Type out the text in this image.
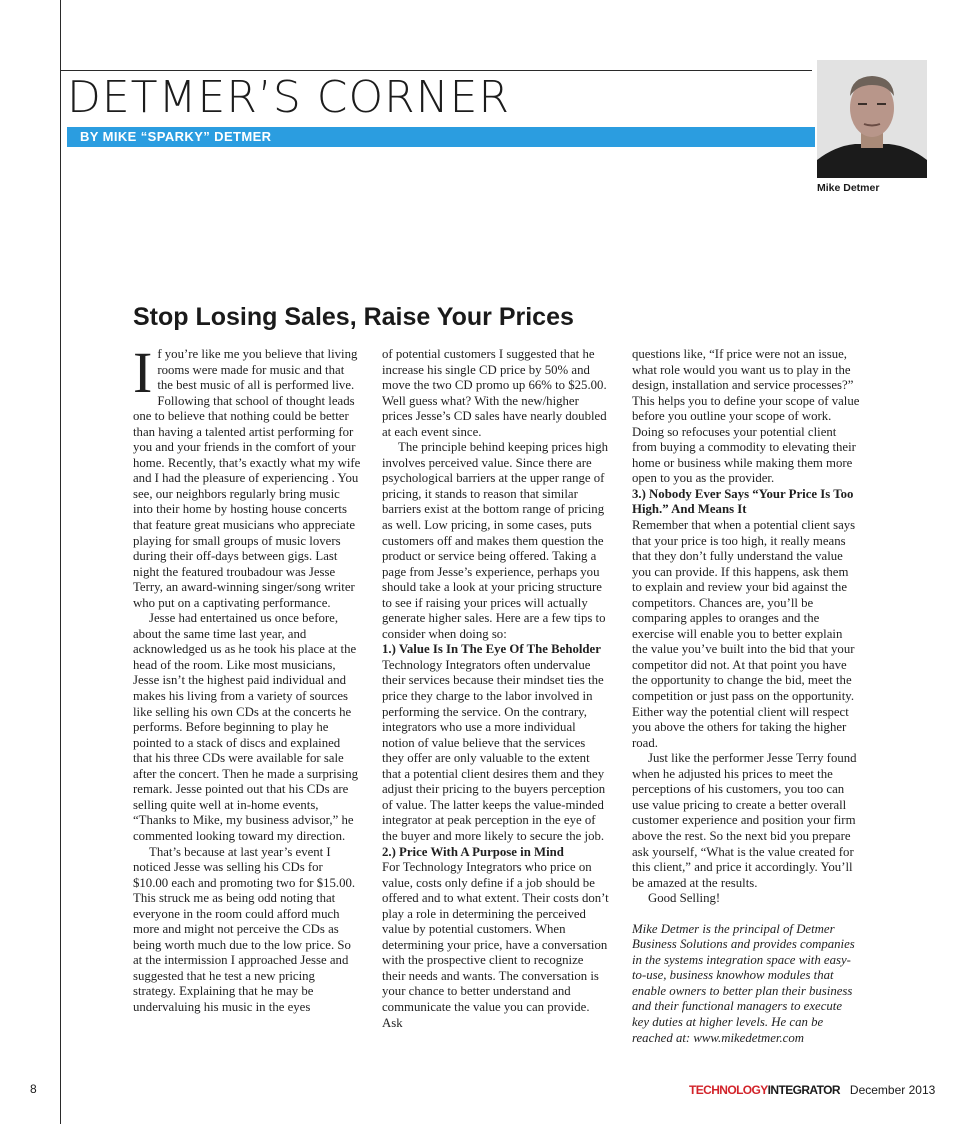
DETMER’S CORNER
BY MIKE “SPARKY” DETMER
Mike Detmer
Stop Losing Sales, Raise Your Prices

If you’re like me you believe that living rooms were made for music and that the best music of all is performed live. Following that school of thought leads one to believe that nothing could be better than having a talented artist performing for you and your friends in the comfort of your home. Recently, that’s exactly what my wife and I had the pleasure of experiencing . You see, our neighbors regularly bring music into their home by hosting house concerts that feature great musicians who appreciate playing for small groups of music lovers during their off-days between gigs. Last night the featured troubadour was Jesse Terry, an award-winning singer/song writer who put on a captivating performance.

Jesse had entertained us once before, about the same time last year, and acknowledged us as he took his place at the head of the room. Like most musicians, Jesse isn’t the highest paid individual and makes his living from a variety of sources like selling his own CDs at the concerts he performs. Before beginning to play he pointed to a stack of discs and explained that his three CDs were available for sale after the concert. Then he made a surprising remark. Jesse pointed out that his CDs are selling quite well at in-home events, “Thanks to Mike, my business advisor,” he commented looking toward my direction.

That’s because at last year’s event I noticed Jesse was selling his CDs for $10.00 each and promoting two for $15.00. This struck me as being odd noting that everyone in the room could afford much more and might not perceive the CDs as being worth much due to the low price. So at the intermission I approached Jesse and suggested that he test a new pricing strategy. Explaining that he may be undervaluing his music in the eyes

of potential customers I suggested that he increase his single CD price by 50% and move the two CD promo up 66% to $25.00. Well guess what? With the new/higher prices Jesse’s CD sales have nearly doubled at each event since.

The principle behind keeping prices high involves perceived value. Since there are psychological barriers at the upper range of pricing, it stands to reason that similar barriers exist at the bottom range of pricing as well. Low pricing, in some cases, puts customers off and makes them question the product or service being offered. Taking a page from Jesse’s experience, perhaps you should take a look at your pricing structure to see if raising your prices will actually generate higher sales. Here are a few tips to consider when doing so:

1.) Value Is In The Eye Of The Beholder

Technology Integrators often undervalue their services because their mindset ties the price they charge to the labor involved in performing the service. On the contrary, integrators who use a more individual notion of value believe that the services they offer are only valuable to the extent that a potential client desires them and they adjust their pricing to the buyers perception of value. The latter keeps the value-minded integrator at peak perception in the eye of the buyer and more likely to secure the job.

2.) Price With A Purpose in Mind

For Technology Integrators who price on value, costs only define if a job should be offered and to what extent. Their costs don’t play a role in determining the perceived value by potential customers. When determining your price, have a conversation with the prospective client to recognize their needs and wants. The conversation is your chance to better understand and communicate the value you can provide. Ask

questions like, “If price were not an issue, what role would you want us to play in the design, installation and service processes?” This helps you to define your scope of value before you outline your scope of work. Doing so refocuses your potential client from buying a commodity to elevating their home or business while making them more open to you as the provider.

3.) Nobody Ever Says “Your Price Is Too High.” And Means It

Remember that when a potential client says that your price is too high, it really means that they don’t fully understand the value you can provide. If this happens, ask them to explain and review your bid against the competitors. Chances are, you’ll be comparing apples to oranges and the exercise will enable you to better explain the value you’ve built into the bid that your competitor did not. At that point you have the opportunity to change the bid, meet the competition or just pass on the opportunity. Either way the potential client will respect you above the others for taking the higher road.

Just like the performer Jesse Terry found when he adjusted his prices to meet the perceptions of his customers, you too can use value pricing to create a better overall customer experience and position your firm above the rest. So the next bid you prepare ask yourself, “What is the value created for this client,” and price it accordingly. You’ll be amazed at the results.

Good Selling!

Mike Detmer is the principal of Detmer Business Solutions and provides companies in the systems integration space with easy-to-use, business knowhow modules that enable owners to better plan their business and their functional managers to execute key duties at higher levels. He can be reached at: www.mikedetmer.com

8	TECHNOLOGYINTEGRATOR December 2013
